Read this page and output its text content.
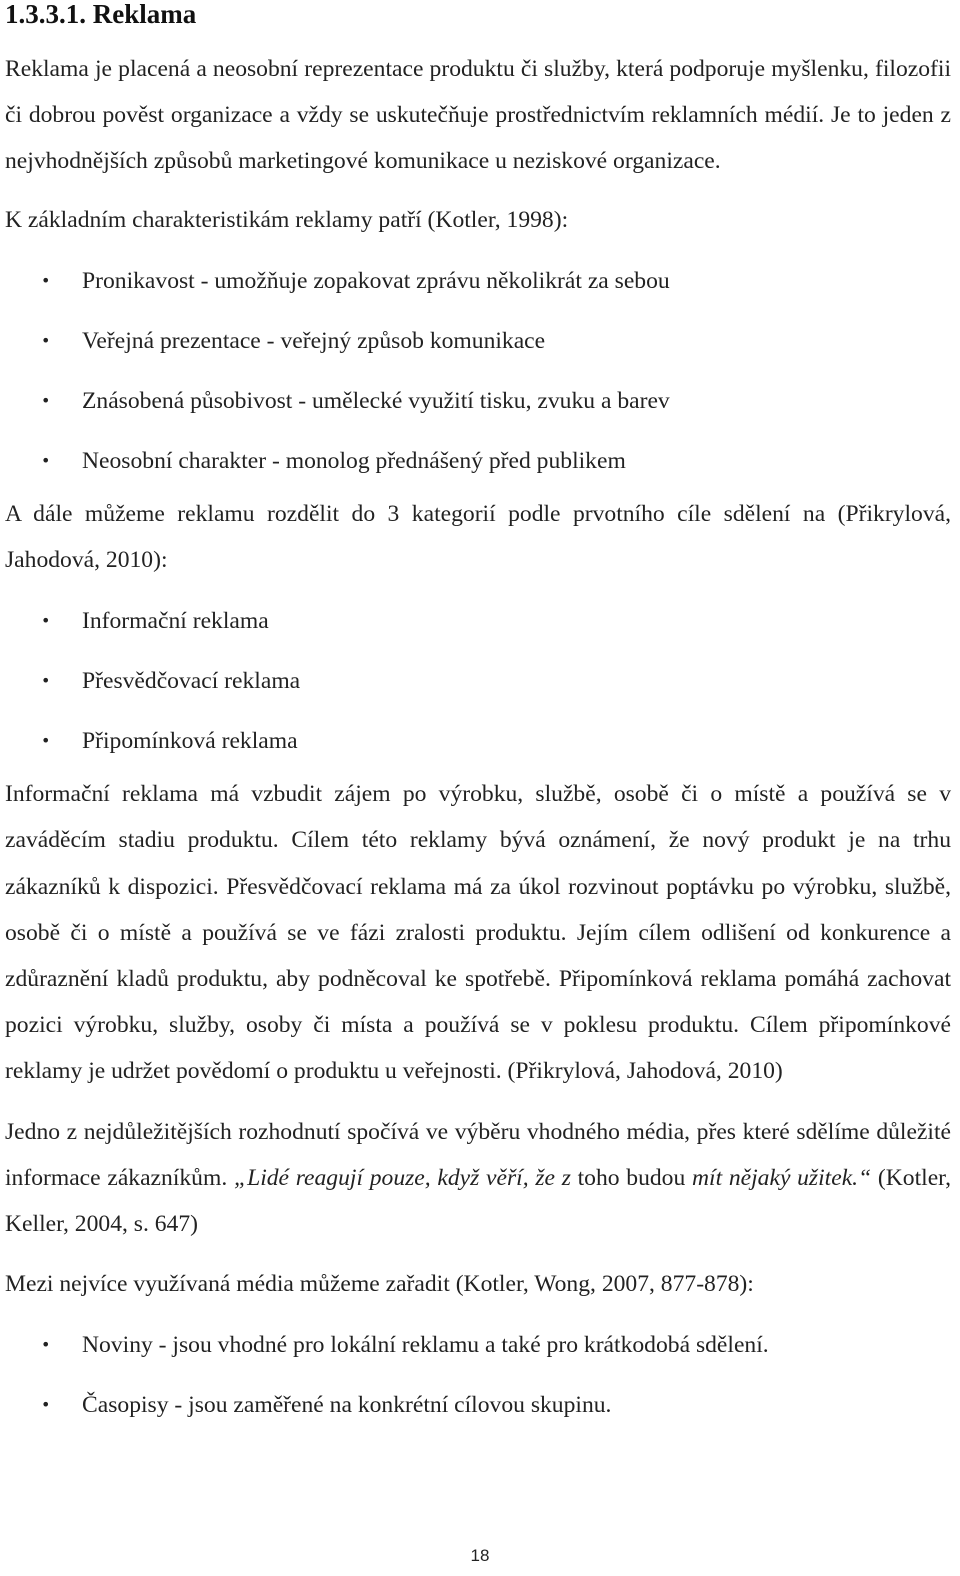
1.3.3.1. Reklama

Reklama je placená a neosobní reprezentace produktu či služby, která podporuje myšlenku, filozofii či dobrou pověst organizace a vždy se uskutečňuje prostřednictvím reklamních médií. Je to jeden z nejvhodnějších způsobů marketingové komunikace u neziskové organizace.

K základním charakteristikám reklamy patří (Kotler, 1998):

• Pronikavost - umožňuje zopakovat zprávu několikrát za sebou
• Veřejná prezentace - veřejný způsob komunikace
• Znásobená působivost - umělecké využití tisku, zvuku a barev
• Neosobní charakter - monolog přednášený před publikem

A dále můžeme reklamu rozdělit do 3 kategorií podle prvotního cíle sdělení na (Přikrylová, Jahodová, 2010):

• Informační reklama
• Přesvědčovací reklama
• Připomínková reklama

Informační reklama má vzbudit zájem po výrobku, službě, osobě či o místě a používá se v zaváděcím stadiu produktu. Cílem této reklamy bývá oznámení, že nový produkt je na trhu zákazníků k dispozici. Přesvědčovací reklama má za úkol rozvinout poptávku po výrobku, službě, osobě či o místě a používá se ve fázi zralosti produktu. Jejím cílem odlišení od konkurence a zdůraznění kladů produktu, aby podněcoval ke spotřebě. Připomínková reklama pomáhá zachovat pozici výrobku, služby, osoby či místa a používá se v poklesu produktu. Cílem připomínkové reklamy je udržet povědomí o produktu u veřejnosti. (Přikrylová, Jahodová, 2010)

Jedno z nejdůležitějších rozhodnutí spočívá ve výběru vhodného média, přes které sdělíme důležité informace zákazníkům. „Lidé reagují pouze, když věří, že z toho budou mít nějaký užitek.“ (Kotler, Keller, 2004, s. 647)

Mezi nejvíce využívaná média můžeme zařadit (Kotler, Wong, 2007, 877-878):

• Noviny - jsou vhodné pro lokální reklamu a také pro krátkodobá sdělení.
• Časopisy - jsou zaměřené na konkrétní cílovou skupinu.
18
